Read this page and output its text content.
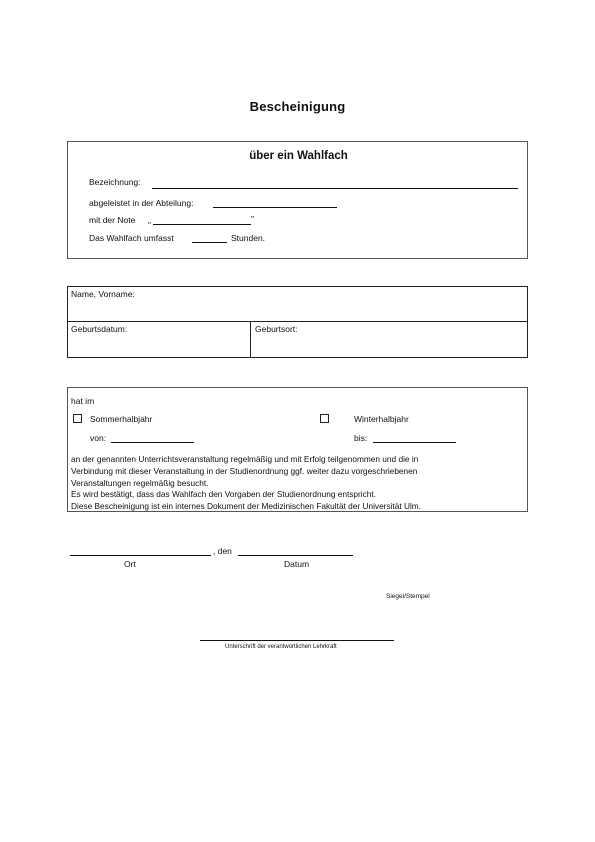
Bescheinigung
über ein Wahlfach
Bezeichnung:
abgeleistet in der Abteilung:
mit der Note „	"
Das Wahlfach umfasst	Stunden.
Name, Vorname:
Geburtsdatum:	Geburtsort:
hat im
Sommerhalbjahr	Winterhalbjahr
von:	bis:
an der genannten Unterrichtsveranstaltung regelmäßig und mit Erfolg teilgenommen und die in
Verbindung mit dieser Veranstaltung in der Studienordnung ggf. weiter dazu vorgeschriebenen
Veranstaltungen regelmäßig besucht.
Es wird bestätigt, dass das Wahlfach den Vorgaben der Studienordnung entspricht.
Diese Bescheinigung ist ein internes Dokument der Medizinischen Fakultät der Universität Ulm.
, den
Ort	Datum
Siegel/Stempel
Unterschrift der verantwortlichen Lehrkraft
